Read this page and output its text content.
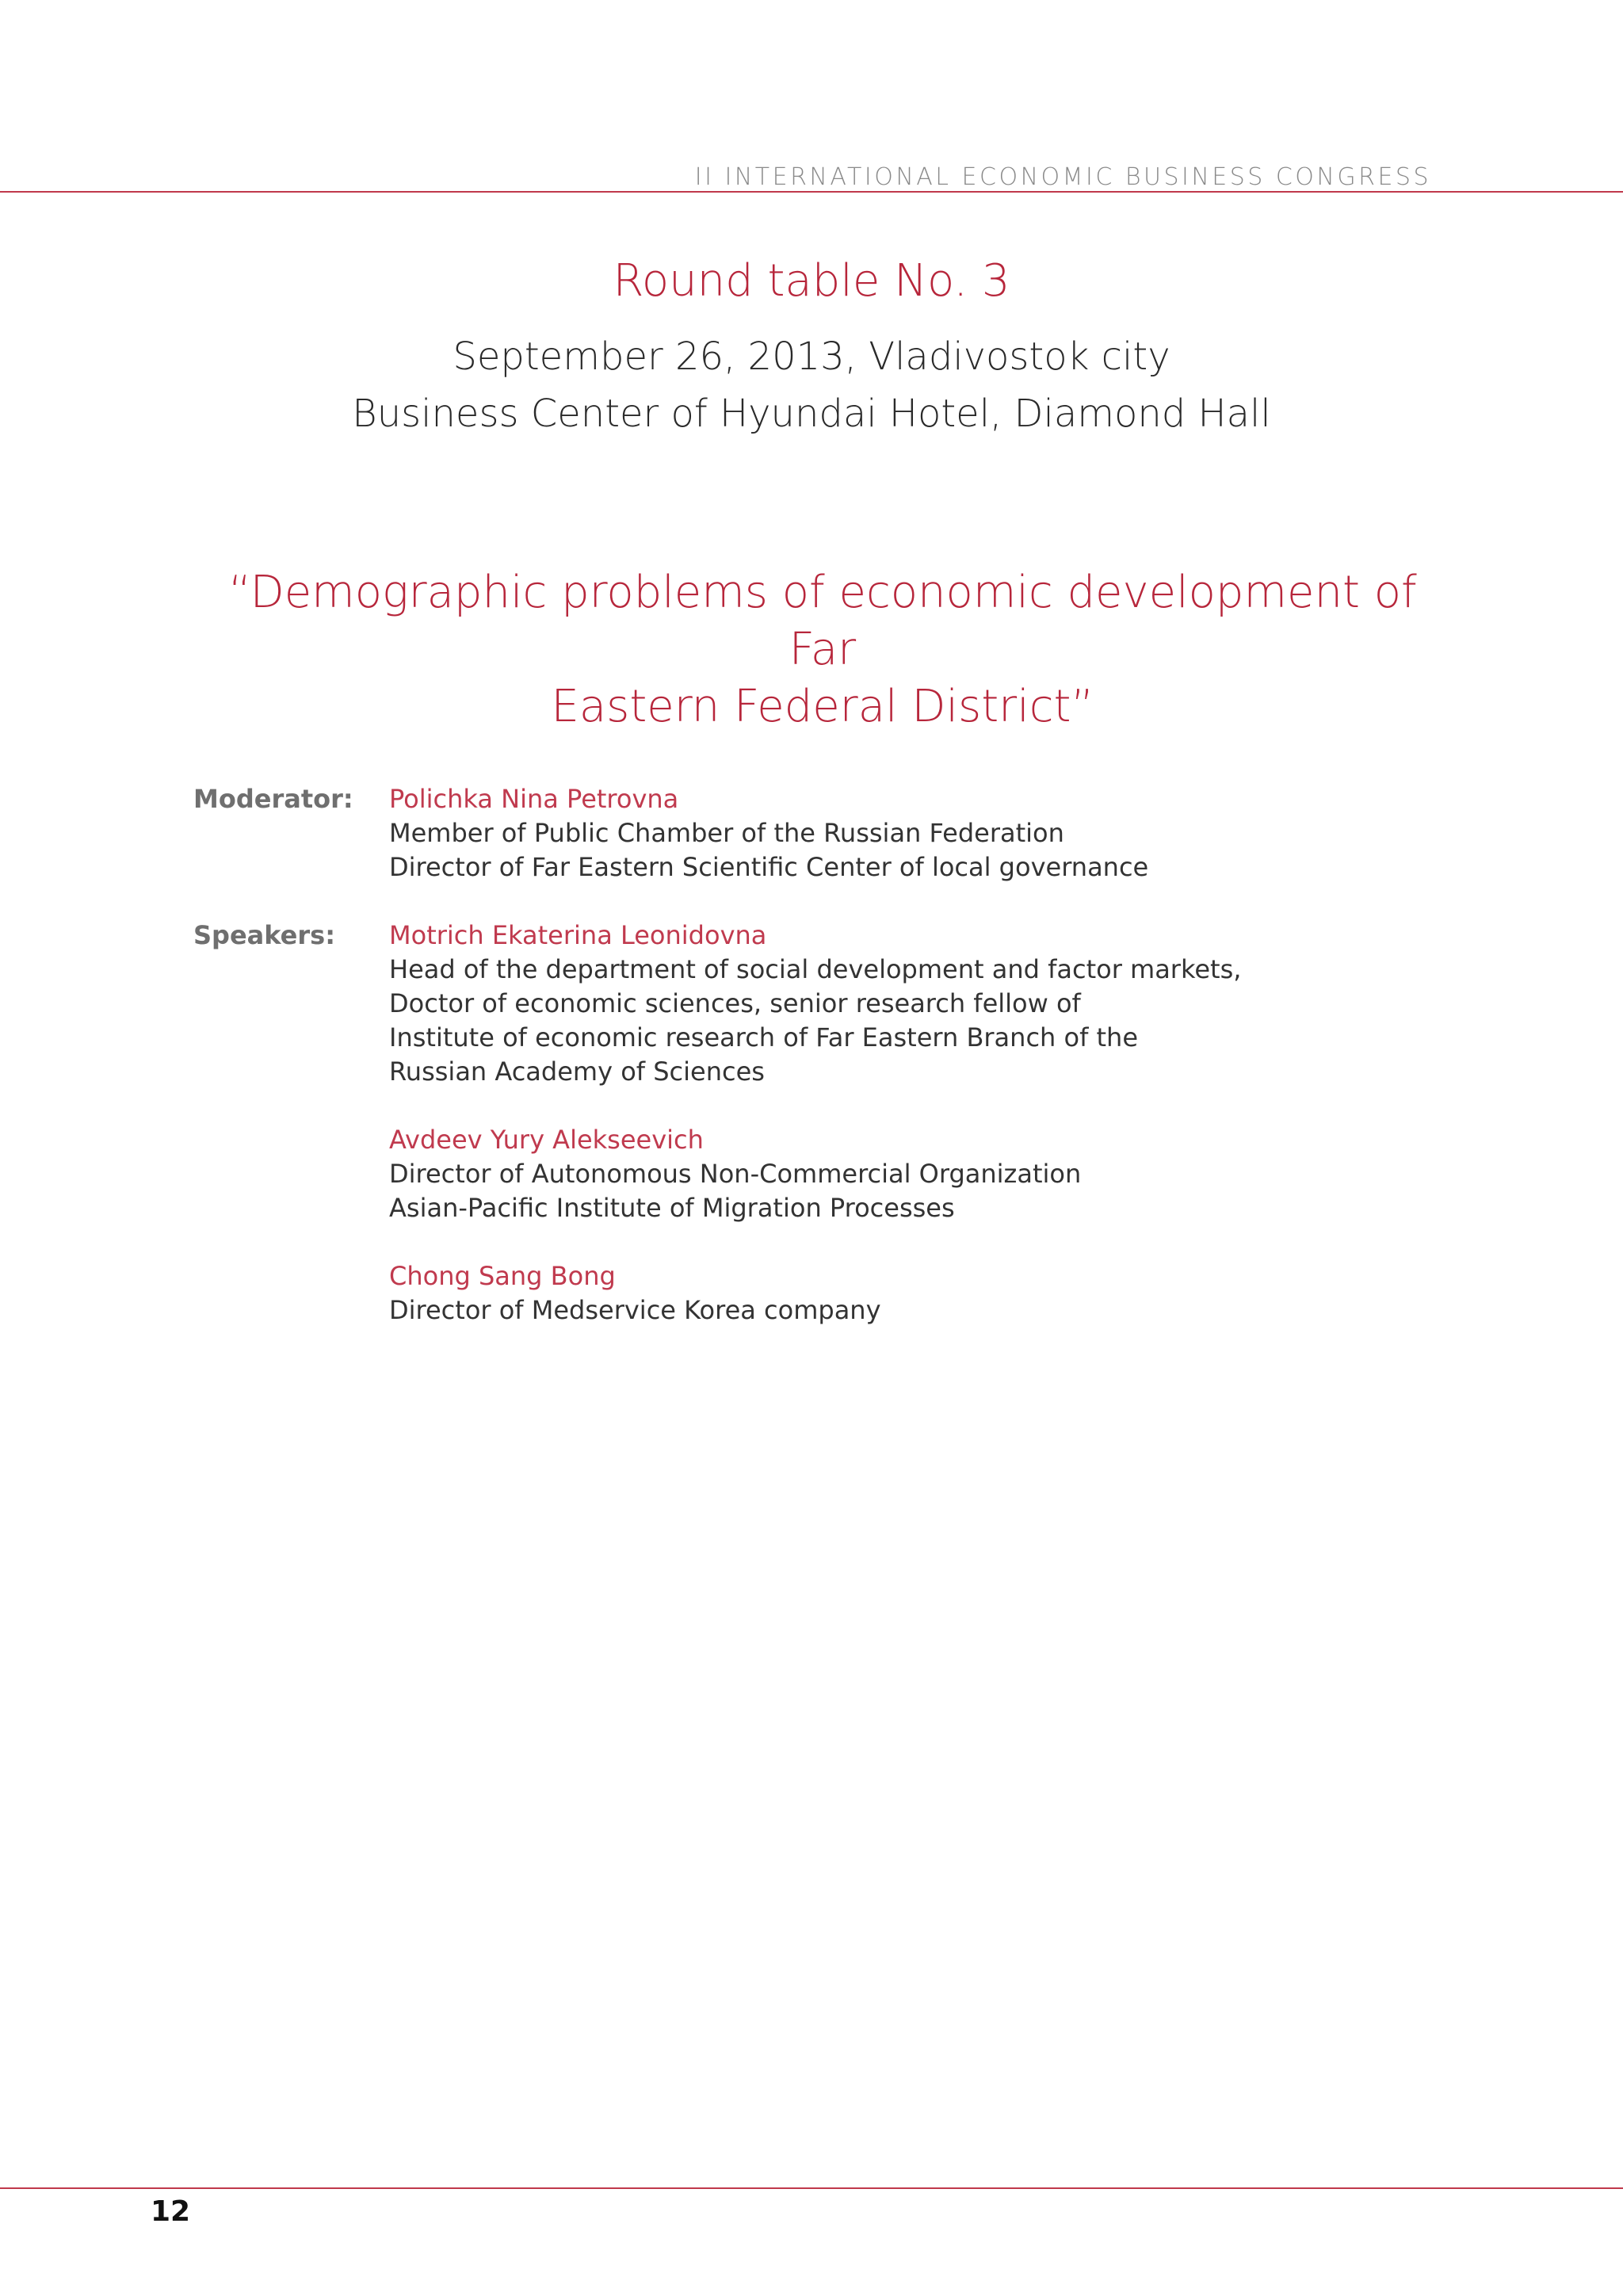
II INTERNATIONAL ECONOMIC BUSINESS CONGRESS
Round table No. 3
September 26, 2013, Vladivostok city
Business Center of Hyundai Hotel, Diamond Hall
“Demographic problems of economic development of Far
Eastern Federal District”
Moderator: Polichka Nina Petrovna
Member of Public Chamber of the Russian Federation
Director of Far Eastern Scientific Center of local governance
Speakers: Motrich Ekaterina Leonidovna
Head of the department of social development and factor markets,
Doctor of economic sciences, senior research fellow of
Institute of economic research of Far Eastern Branch of the
Russian Academy of Sciences
Avdeev Yury Alekseevich
Director of Autonomous Non-Commercial Organization
Asian-Pacific Institute of Migration Processes
Chong Sang Bong
Director of Medservice Korea company
12
